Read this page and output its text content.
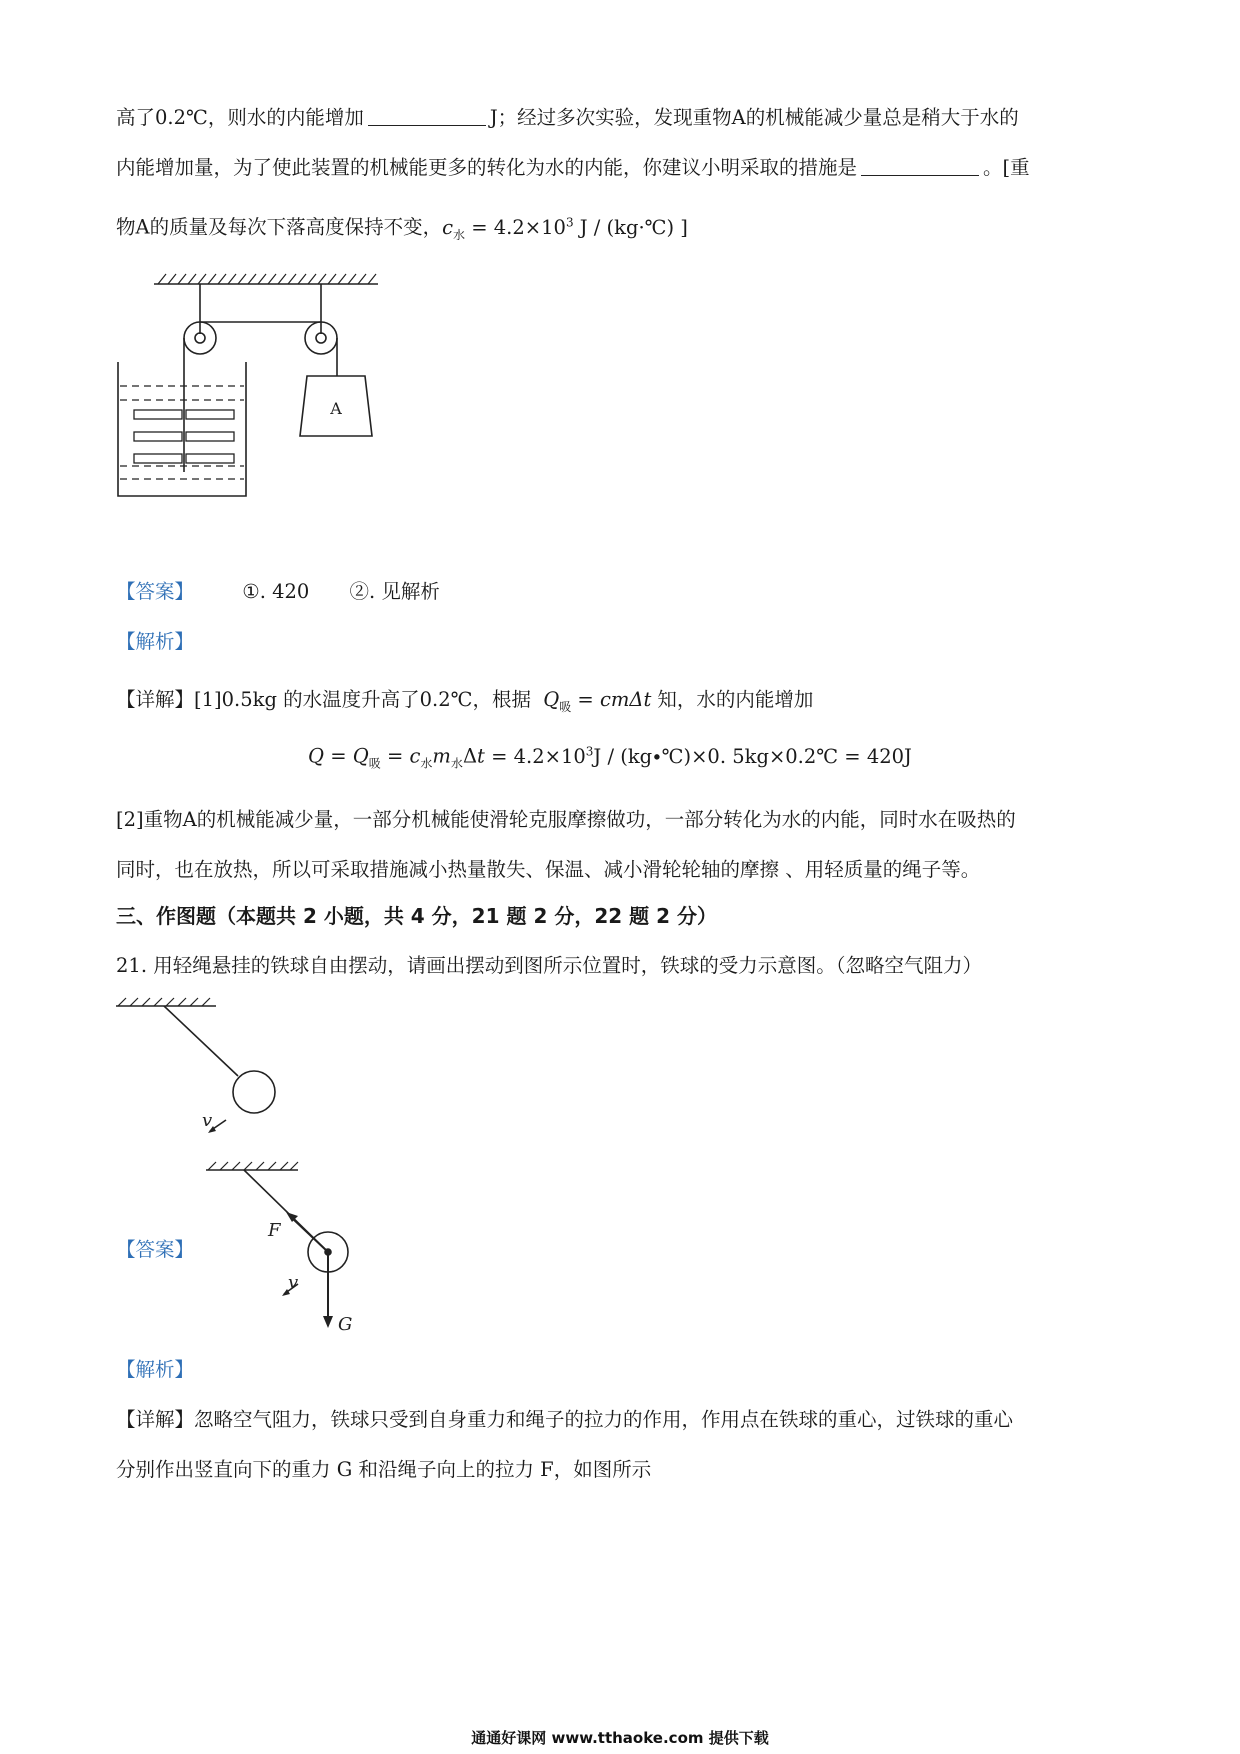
高了0.2℃，则水的内能增加	J；经过多次实验，发现重物A的机械能减少量总是稍大于水的
内能增加量，为了使此装置的机械能更多的转化为水的内能，你建议小明采取的措施是	。[重
物A的质量及每次下落高度保持不变，$c_水 = 4.2\times 10^3$ J / (kg·℃) ]
A
【答案】 ①. 420 ②. 见解析
【解析】
【详解】[1]0.5kg 的水温度升高了0.2℃，根据 $Q_吸 = cm\Delta t$ 知，水的内能增加
$Q = Q_吸 = c_水m_水\Delta t = 4.2\times 10^3J$ / (kg∙℃)×0. 5kg×0.2℃ = 420J
[2]重物A的机械能减少量，一部分机械能使滑轮克服摩擦做功，一部分转化为水的内能，同时水在吸热的
同时，也在放热，所以可采取措施减小热量散失、保温、减小滑轮轮轴的摩擦 、用轻质量的绳子等。
三、作图题（本题共 2 小题，共 4 分，21 题 2 分，22 题 2 分）
21. 用轻绳悬挂的铁球自由摆动，请画出摆动到图所示位置时，铁球的受力示意图。（忽略空气阻力）
v
【答案】
F
v
G
【解析】
【详解】忽略空气阻力，铁球只受到自身重力和绳子的拉力的作用，作用点在铁球的重心，过铁球的重心
分别作出竖直向下的重力 G 和沿绳子向上的拉力 F，如图所示
通通好课网 www.tthaoke.com 提供下载
